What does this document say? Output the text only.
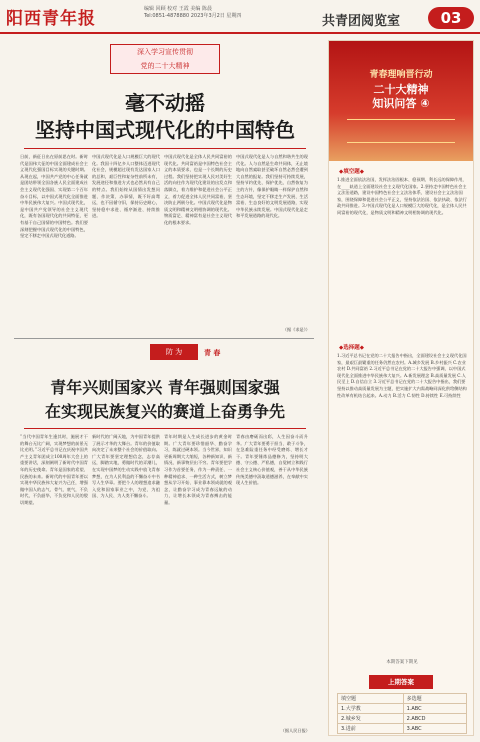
阳西青年报	编辑 回顾 校对 王霞 美编 陈晨
Tel:0851-4878880 2023年3月2日 星期四	共青团阅览室	03
深入学习宣传贯彻
党的二十大精神
毫不动摇
坚持中国式现代化的中国特色
日前，新征日出在原前思在时。新时代是国伟大征的中国全面建成社会主义现代化强国目标实现的关键时期。从现在起，中国共产党的中心任务就是团结带领全国各族人民全面建成社会主义现代化强国、实现第二个百年奋斗目标，以中国式现代化全面推进中华民族伟大复兴。中国式现代化，是中国共产党领导的社会主义现代化，既有各国现代化的共同特征，更有基于自己国情的中国特色。我们要深刻把握中国式现代化的中国特色，坚定不移走中国式现代化道路。
中国式现代化是人口规模巨大的现代化。我国十四亿多人口整体迈进现代化社会，规模超过现有发达国家人口的总和，艰巨性和复杂性前所未有，发展途径和推进方式也必然具有自己的特点。我们始终从国情出发想问题、作决策、办事情，既不好高骛远，也不因循守旧，保持历史耐心，坚持稳中求进、循序渐进、持续推进。
中国式现代化是全体人民共同富裕的现代化。共同富裕是中国特色社会主义的本质要求，也是一个长期的历史过程。我们坚持把实现人民对美好生活的向往作为现代化建设的出发点和落脚点，着力维护和促进社会公平正义，着力促进全体人民共同富裕，坚决防止两极分化。中国式现代化是物质文明和精神文明相协调的现代化。物质富足、精神富有是社会主义现代化的根本要求。
中国式现代化是人与自然和谐共生的现代化。人与自然是生命共同体，无止境地向自然索取甚至破坏自然必然会遭到大自然的报复。我们坚持可持续发展，坚持节约优先、保护优先、自然恢复为主的方针，像保护眼睛一样保护自然和生态环境，坚定不移走生产发展、生活富裕、生态良好的文明发展道路，实现中华民族永续发展。中国式现代化是走和平发展道路的现代化。
（据《求是》）
防 为	青 春
青年兴则国家兴 青年强则国家强
在实现民族复兴的赛道上奋勇争先
“当代中国青年生逢其时，施展才干的舞台无比广阔，实现梦想的前景无比光明。”习近平总书记在庆祝中国共产主义青年团成立100周年大会上的重要讲话，深刻阐明了新时代中国青年的历史使命。青年是国家的希望、民族的未来。新时代的中国青年要以实现中华民族伟大复兴为己任，增强做中国人的志气、骨气、底气，不负时代，不负韶华，不负党和人民的殷切期望。
新时代的广阔天地，为中国青年提供了展示才华的大舞台。青年的价值取向决定了未来整个社会的价值取向。广大青年要坚定理想信念，志存高远，脚踏实地，勇做时代的弄潮儿，在实现中国梦的生动实践中放飞青春梦想，在为人民利益的不懈奋斗中书写人生华章。要把个人的理想追求融入党和国家事业之中，为党、为祖国、为人民、为人类不懈奋斗。
青年时期是人生成长进步的黄金时期。广大青年要珍惜韶华、勤奋学习，练就过硬本领。当今世界，知识更新周期大大缩短，各种新知识、新情况、新事物层出不穷。青年要把学习作为首要任务，作为一种责任、一种精神追求、一种生活方式，树立梦想从学习开始、事业靠本领成就的观念，让勤奋学习成为青春远航的动力，让增长本领成为青春搏击的能量。
青春由磨砺而出彩，人生因奋斗而升华。广大青年要勇于担当、敢于斗争，在急难险重任务中经受磨炼、增长才干。青年要锤炼品德修为，坚持明大德、守公德、严私德，自觉树立和践行社会主义核心价值观，善于从中华民族传统美德中汲取道德滋养，在奉献中实现人生价值。
（据人民日报）
青春理响晋行动
二十大精神
知识问答 ④
◆填空题◆
1.推进全面依法治国，发挥法治固根本、稳预期、利长远的保障作用，在____轨道上全面建设社会主义现代化国家。2.坚持走中国特色社会主义法治道路，建设中国特色社会主义法治体系、建设社会主义法治国家，围绕保障和促进社会公平正义，坚持依法治国、依法执政、依法行政共同推进。3.中国式现代化是人口规模巨大的现代化，是全体人民共同富裕的现代化，是物质文明和精神文明相协调的现代化。
◆选择题◆
1.习近平总书记在党的二十大报告中指出，全面建设社会主义现代化国家，最艰巨最繁重的任务仍然在农村。A.城乡发展 B.乡村振兴 C.农业农村 D.共同富裕 2.习近平总书记在党的二十大报告中强调，以中国式现代化全面推进中华民族伟大复兴。A.新发展理念 B.高质量发展 C.人民至上 D.自信自立 3.习近平总书记在党的二十大报告中指出，我们要坚持以推动高质量发展为主题，把实施扩大内需战略同深化供给侧结构性改革有机结合起来。A.动力 B.活力 C.韧性 D.持续性 E.可持续性
本期答案下期见
上期答案
填空题	多选题
1.大学教	1.ABC
2.城乡发	2.ABCD
3.进前	3.ABC
